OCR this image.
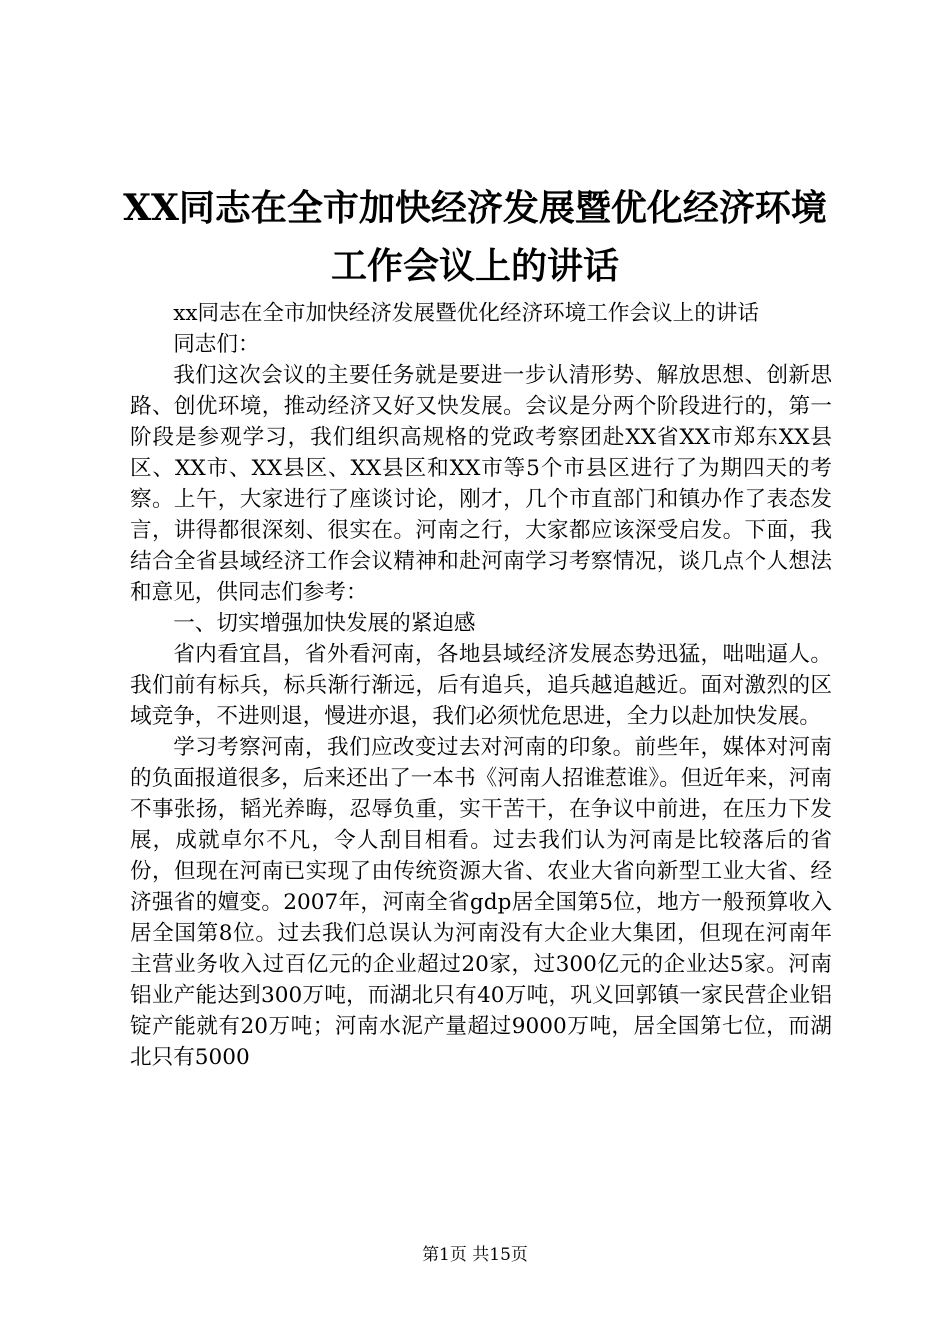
XX同志在全市加快经济发展暨优化经济环境
工作会议上的讲话

xx同志在全市加快经济发展暨优化经济环境工作会议上的讲话

同志们：

我们这次会议的主要任务就是要进一步认清形势、解放思想、创新思路、创优环境，推动经济又好又快发展。会议是分两个阶段进行的，第一阶段是参观学习，我们组织高规格的党政考察团赴XX省XX市郑东XX县区、XX市、XX县区、XX县区和XX市等5个市县区进行了为期四天的考察。上午，大家进行了座谈讨论，刚才，几个市直部门和镇办作了表态发言，讲得都很深刻、很实在。河南之行，大家都应该深受启发。下面，我结合全省县域经济工作会议精神和赴河南学习考察情况，谈几点个人想法和意见，供同志们参考：

一、切实增强加快发展的紧迫感

省内看宜昌，省外看河南，各地县域经济发展态势迅猛，咄咄逼人。我们前有标兵，标兵渐行渐远，后有追兵，追兵越追越近。面对激烈的区域竞争，不进则退，慢进亦退，我们必须忧危思进，全力以赴加快发展。

学习考察河南，我们应改变过去对河南的印象。前些年，媒体对河南的负面报道很多，后来还出了一本书《河南人招谁惹谁》。但近年来，河南不事张扬，韬光养晦，忍辱负重，实干苦干，在争议中前进，在压力下发展，成就卓尔不凡，令人刮目相看。过去我们认为河南是比较落后的省份，但现在河南已实现了由传统资源大省、农业大省向新型工业大省、经济强省的嬗变。2007年，河南全省gdp居全国第5位，地方一般预算收入居全国第8位。过去我们总误认为河南没有大企业大集团，但现在河南年主营业务收入过百亿元的企业超过20家，过300亿元的企业达5家。河南铝业产能达到300万吨，而湖北只有40万吨，巩义回郭镇一家民营企业铝锭产能就有20万吨；河南水泥产量超过9000万吨，居全国第七位，而湖北只有5000

第1页 共15页
